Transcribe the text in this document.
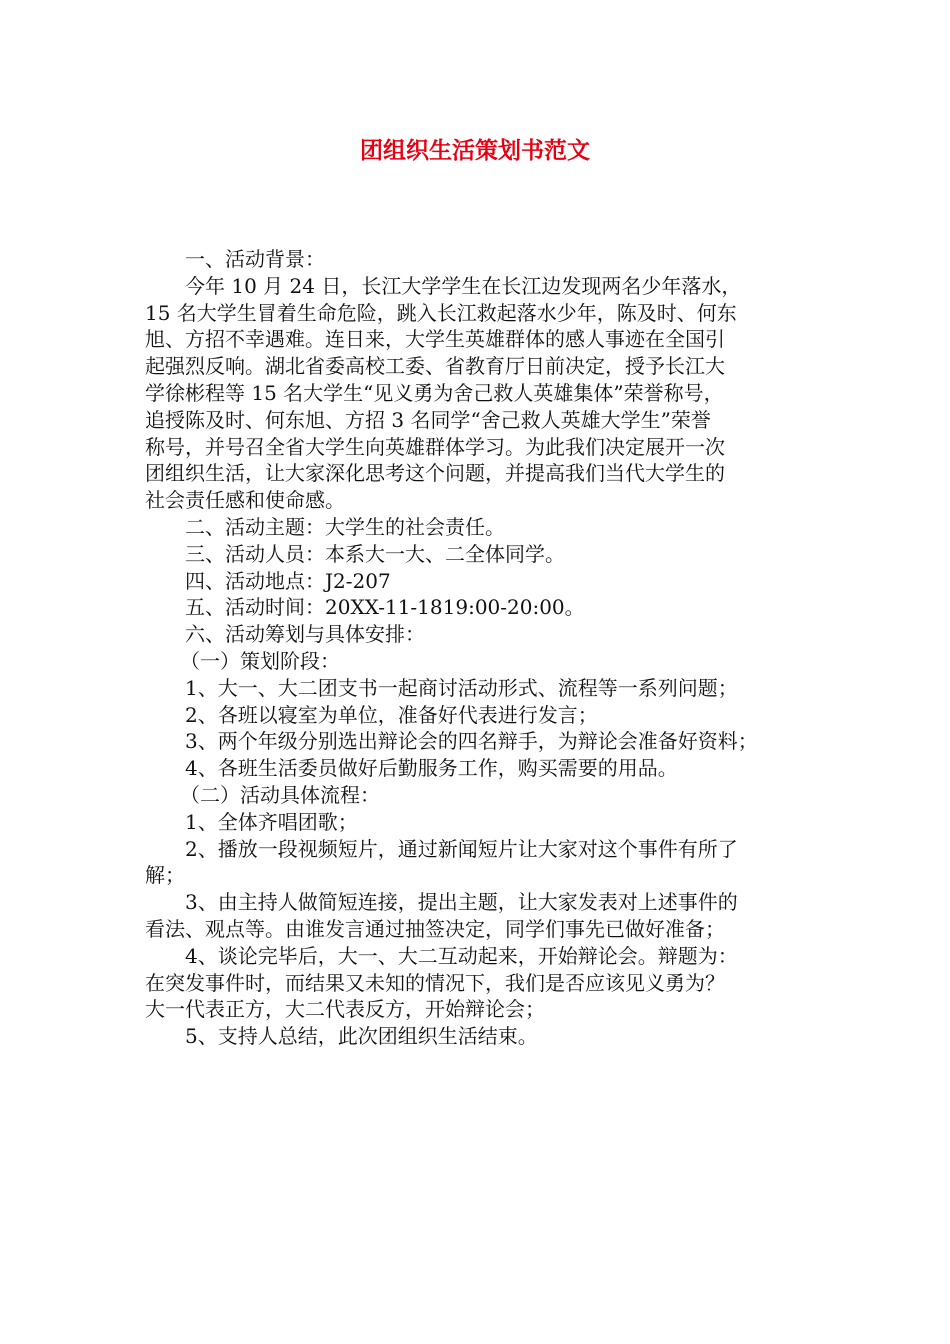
团组织生活策划书范文
一、活动背景：
今年 10 月 24 日，长江大学学生在长江边发现两名少年落水，
15 名大学生冒着生命危险，跳入长江救起落水少年，陈及时、何东
旭、方招不幸遇难。连日来，大学生英雄群体的感人事迹在全国引
起强烈反响。湖北省委高校工委、省教育厅日前决定，授予长江大
学徐彬程等 15 名大学生“见义勇为舍己救人英雄集体”荣誉称号，
追授陈及时、何东旭、方招 3 名同学“舍己救人英雄大学生”荣誉
称号，并号召全省大学生向英雄群体学习。为此我们决定展开一次
团组织生活，让大家深化思考这个问题，并提高我们当代大学生的
社会责任感和使命感。
二、活动主题：大学生的社会责任。
三、活动人员：本系大一大、二全体同学。
四、活动地点：J2-207
五、活动时间：20XX-11-1819:00-20:00。
六、活动筹划与具体安排：
（一）策划阶段：
1、大一、大二团支书一起商讨活动形式、流程等一系列问题；
2、各班以寝室为单位，准备好代表进行发言；
3、两个年级分别选出辩论会的四名辩手，为辩论会准备好资料；
4、各班生活委员做好后勤服务工作，购买需要的用品。
（二）活动具体流程：
1、全体齐唱团歌；
2、播放一段视频短片，通过新闻短片让大家对这个事件有所了
解；
3、由主持人做简短连接，提出主题，让大家发表对上述事件的
看法、观点等。由谁发言通过抽签决定，同学们事先已做好准备；
4、谈论完毕后，大一、大二互动起来，开始辩论会。辩题为：
在突发事件时，而结果又未知的情况下，我们是否应该见义勇为？
大一代表正方，大二代表反方，开始辩论会；
5、支持人总结，此次团组织生活结束。
